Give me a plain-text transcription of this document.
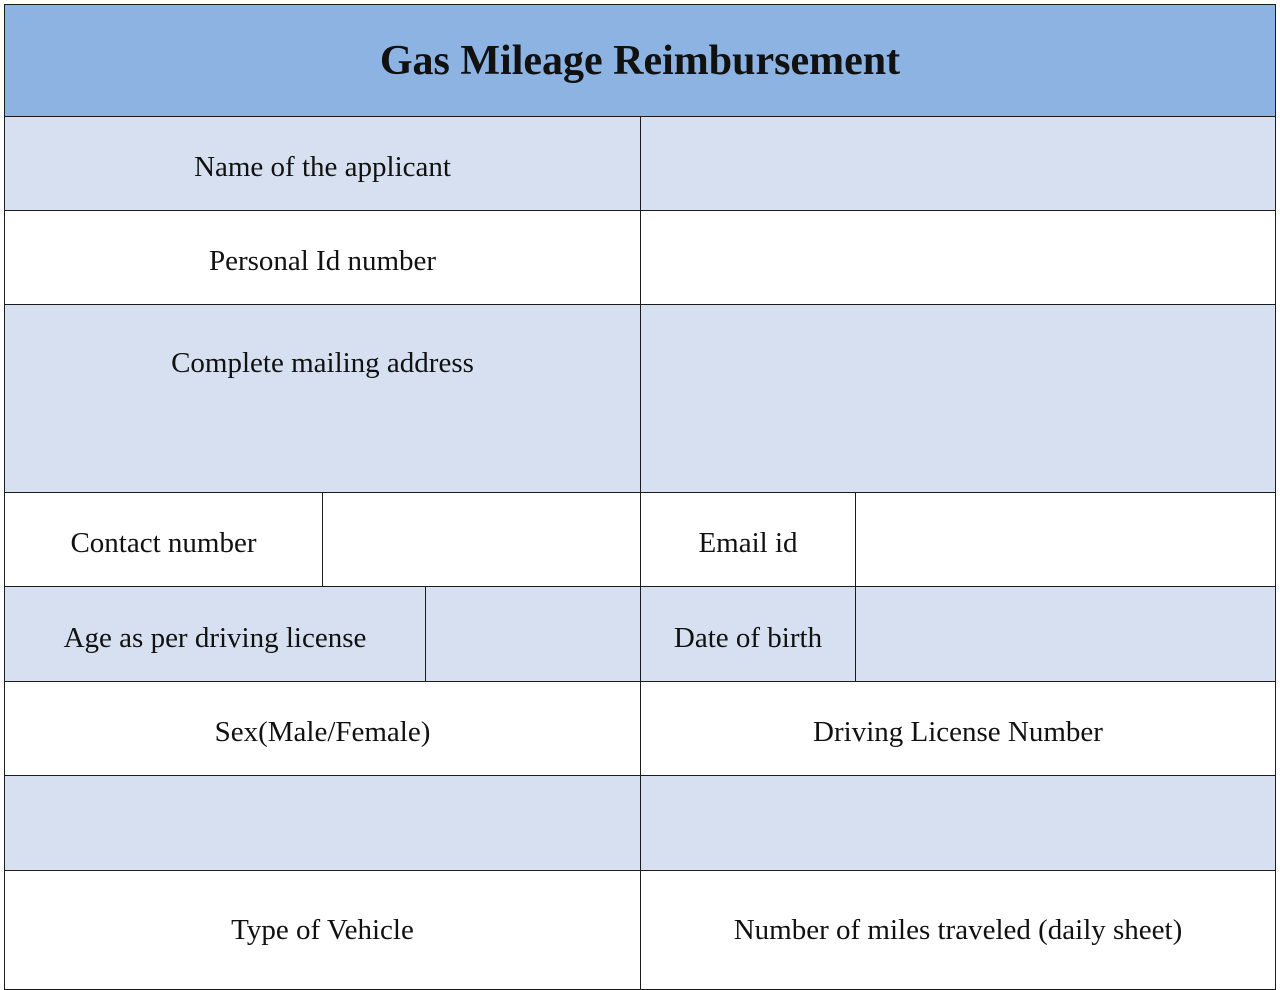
Gas Mileage Reimbursement
Name of the applicant
Personal Id number
Complete mailing address
Contact number	Email id
Age as per driving license	Date of birth
Sex(Male/Female)	Driving License Number
Type of Vehicle	Number of miles traveled (daily sheet)
